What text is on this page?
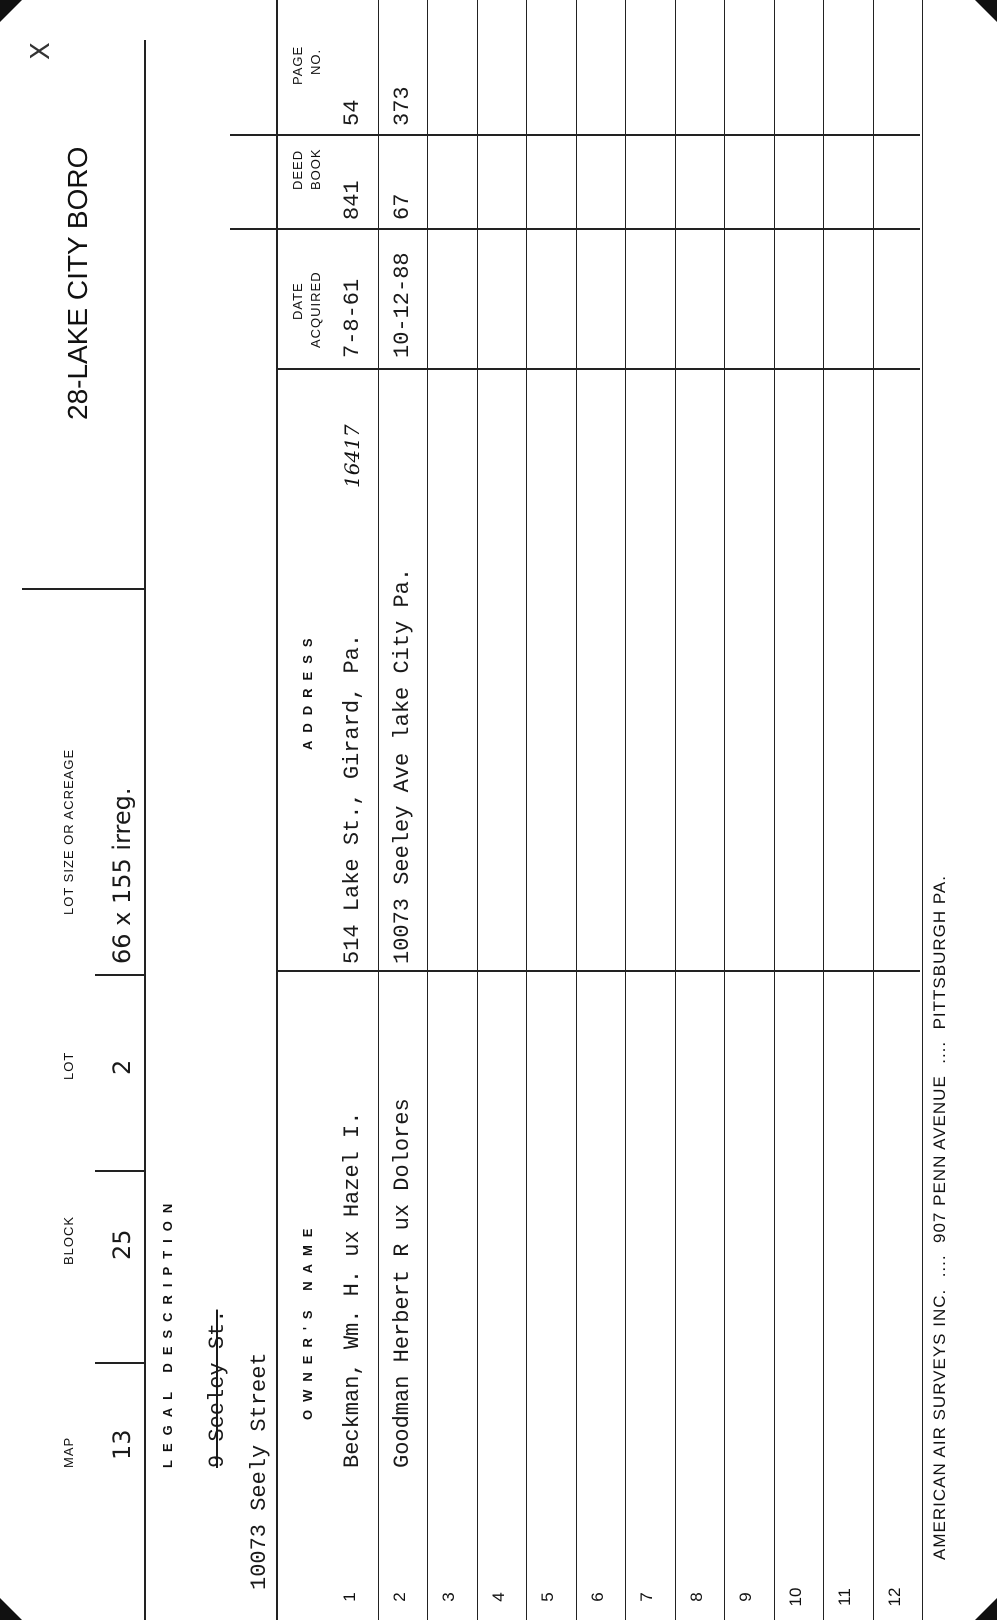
MAP
BLOCK
LOT
LOT SIZE OR ACREAGE
28-LAKE CITY BORO
X
13
25
2
66 x 155 irreg.
LEGAL DESCRIPTION 9 Seeley St. 10073 Seely Street
OWNER'S NAME
ADDRESS
DATE ACQUIRED
DEED BOOK
PAGE NO.
1
Beckman, Wm. H. ux Hazel I.
514 Lake St., Girard, Pa.
16417
7-8-61
841
54
2
Goodman Herbert R ux Dolores
10073 Seeley Ave lake City Pa.
10-12-88
67
373
3 4 5 6 7 8 9 10 11 12
AMERICAN AIR SURVEYS INC.  ....  907 PENN AVENUE  ....  PITTSBURGH PA.
